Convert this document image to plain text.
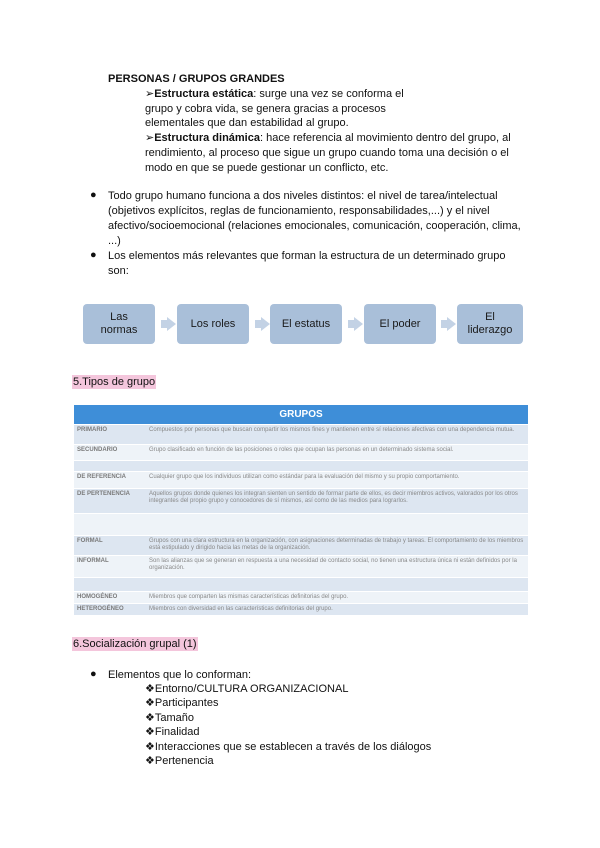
PERSONAS / GRUPOS GRANDES
➢Estructura estática: surge una vez se conforma el
grupo y cobra vida, se genera gracias a procesos
elementales que dan estabilidad al grupo.
➢Estructura dinámica: hace referencia al movimiento dentro del grupo, al
rendimiento, al proceso que sigue un grupo cuando toma una decisión o el
modo en que se puede gestionar un conflicto, etc.
● Todo grupo humano funciona a dos niveles distintos: el nivel de tarea/intelectual
(objetivos explícitos, reglas de funcionamiento, responsabilidades,...) y el nivel
afectivo/socioemocional (relaciones emocionales, comunicación, cooperación, clima,
...)
● Los elementos más relevantes que forman la estructura de un determinado grupo
son:
Las
normas
Los roles	El estatus	El poder
El
liderazgo
5.Tipos de grupo
GRUPOS	
PRIMARIO	Compuestos por personas que buscan compartir los mismos fines y mantienen entre sí relaciones afectivas con una dependencia mutua.
SECUNDARIO	Grupo clasificado en función de las posiciones o roles que ocupan las personas en un determinado sistema social.

DE REFERENCIA	Cualquier grupo que los individuos utilizan como estándar para la evaluación del mismo y su propio comportamiento.
DE PERTENENCIA	Aquellos grupos donde quienes los integran sienten un sentido de formar parte de ellos, es decir miembros activos, valorados por los otros integrantes del propio grupo y conocedores de sí mismos, así como de las medios para lograrlos.

FORMAL	Grupos con una clara estructura en la organización, con asignaciones determinadas de trabajo y tareas. El comportamiento de los miembros está estipulado y dirigido hacia las metas de la organización.
INFORMAL	Son las alianzas que se generan en respuesta a una necesidad de contacto social, no tienen una estructura única ni están definidos por la organización.

HOMOGÉNEO	Miembros que comparten las mismas características definitorias del grupo.
HETEROGÉNEO	Miembros con diversidad en las características definitorias del grupo.
6.Socialización grupal (1)
● Elementos que lo conforman:
❖Entorno/CULTURA ORGANIZACIONAL
❖Participantes
❖Tamaño
❖Finalidad
❖Interacciones que se establecen a través de los diálogos
❖Pertenencia
